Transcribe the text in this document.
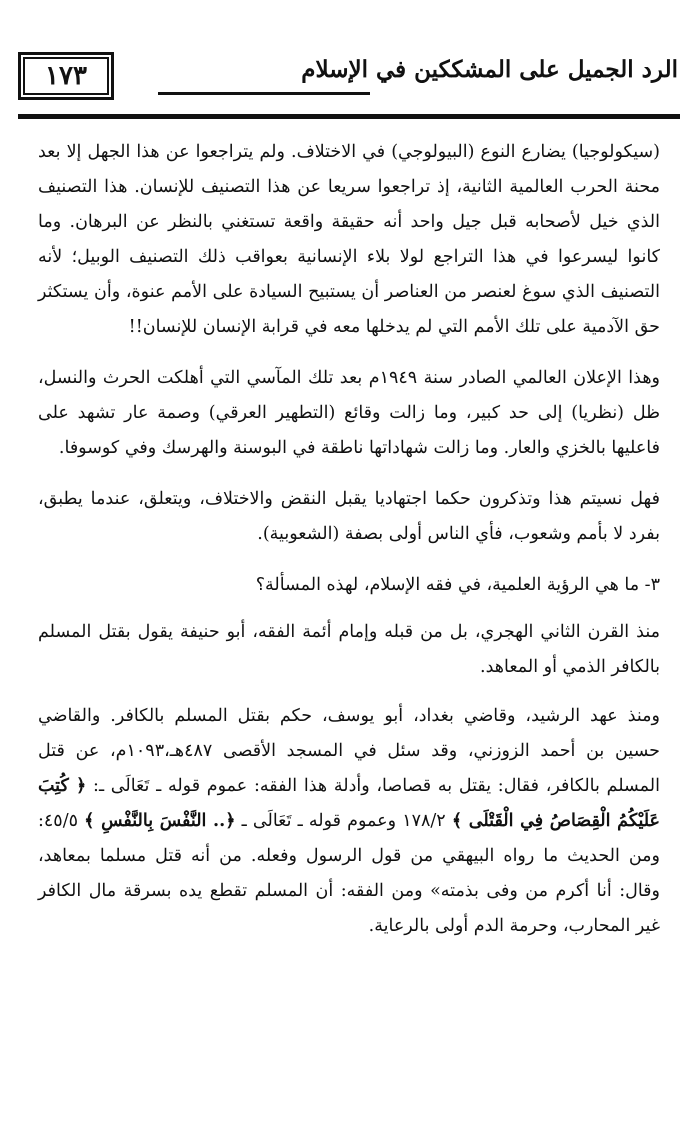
١٧٣	الرد الجميل على المشككين في الإسلام

(سيكولوجيا) يضارع النوع (البيولوجي) في الاختلاف. ولم يتراجعوا عن هذا الجهل إلا بعد محنة الحرب العالمية الثانية، إذ تراجعوا سريعا عن هذا التصنيف للإنسان. هذا التصنيف الذي خيل لأصحابه قبل جيل واحد أنه حقيقة واقعة تستغني بالنظر عن البرهان. وما كانوا ليسرعوا في هذا التراجع لولا بلاء الإنسانية بعواقب ذلك التصنيف الوبيل؛ لأنه التصنيف الذي سوغ لعنصر من العناصر أن يستبيح السيادة على الأمم عنوة، وأن يستكثر حق الآدمية على تلك الأمم التي لم يدخلها معه في قرابة الإنسان للإنسان!!

وهذا الإعلان العالمي الصادر سنة ١٩٤٩م بعد تلك المآسي التي أهلكت الحرث والنسل، ظل (نظريا) إلى حد كبير، وما زالت وقائع (التطهير العرقي) وصمة عار تشهد على فاعليها بالخزي والعار. وما زالت شهاداتها ناطقة في البوسنة والهرسك وفي كوسوفا.

فهل نسيتم هذا وتذكرون حكما اجتهاديا يقبل النقض والاختلاف، ويتعلق، عندما يطبق، بفرد لا بأمم وشعوب، فأي الناس أولى بصفة (الشعوبية).

٣- ما هي الرؤية العلمية، في فقه الإسلام، لهذه المسألة؟

منذ القرن الثاني الهجري، بل من قبله وإمام أئمة الفقه، أبو حنيفة يقول بقتل المسلم بالكافر الذمي أو المعاهد.

ومنذ عهد الرشيد، وقاضي بغداد، أبو يوسف، حكم بقتل المسلم بالكافر. والقاضي حسين بن أحمد الزوزني، وقد سئل في المسجد الأقصى ٤٨٧هـ،١٠٩٣م، عن قتل المسلم بالكافر، فقال: يقتل به قصاصا، وأدلة هذا الفقه: عموم قوله ـ تَعَالَى ـ: ﴿ كُتِبَ عَلَيْكُمُ الْقِصَاصُ فِي الْقَتْلَى ﴾ ١٧٨/٢ وعموم قوله ـ تَعَالَى ـ ﴿.. النَّفْسَ بِالنَّفْسِ ﴾ ٤٥/٥: ومن الحديث ما رواه البيهقي من قول الرسول وفعله. من أنه قتل مسلما بمعاهد، وقال: أنا أكرم من وفى بذمته» ومن الفقه: أن المسلم تقطع يده بسرقة مال الكافر غير المحارب، وحرمة الدم أولى بالرعاية.
